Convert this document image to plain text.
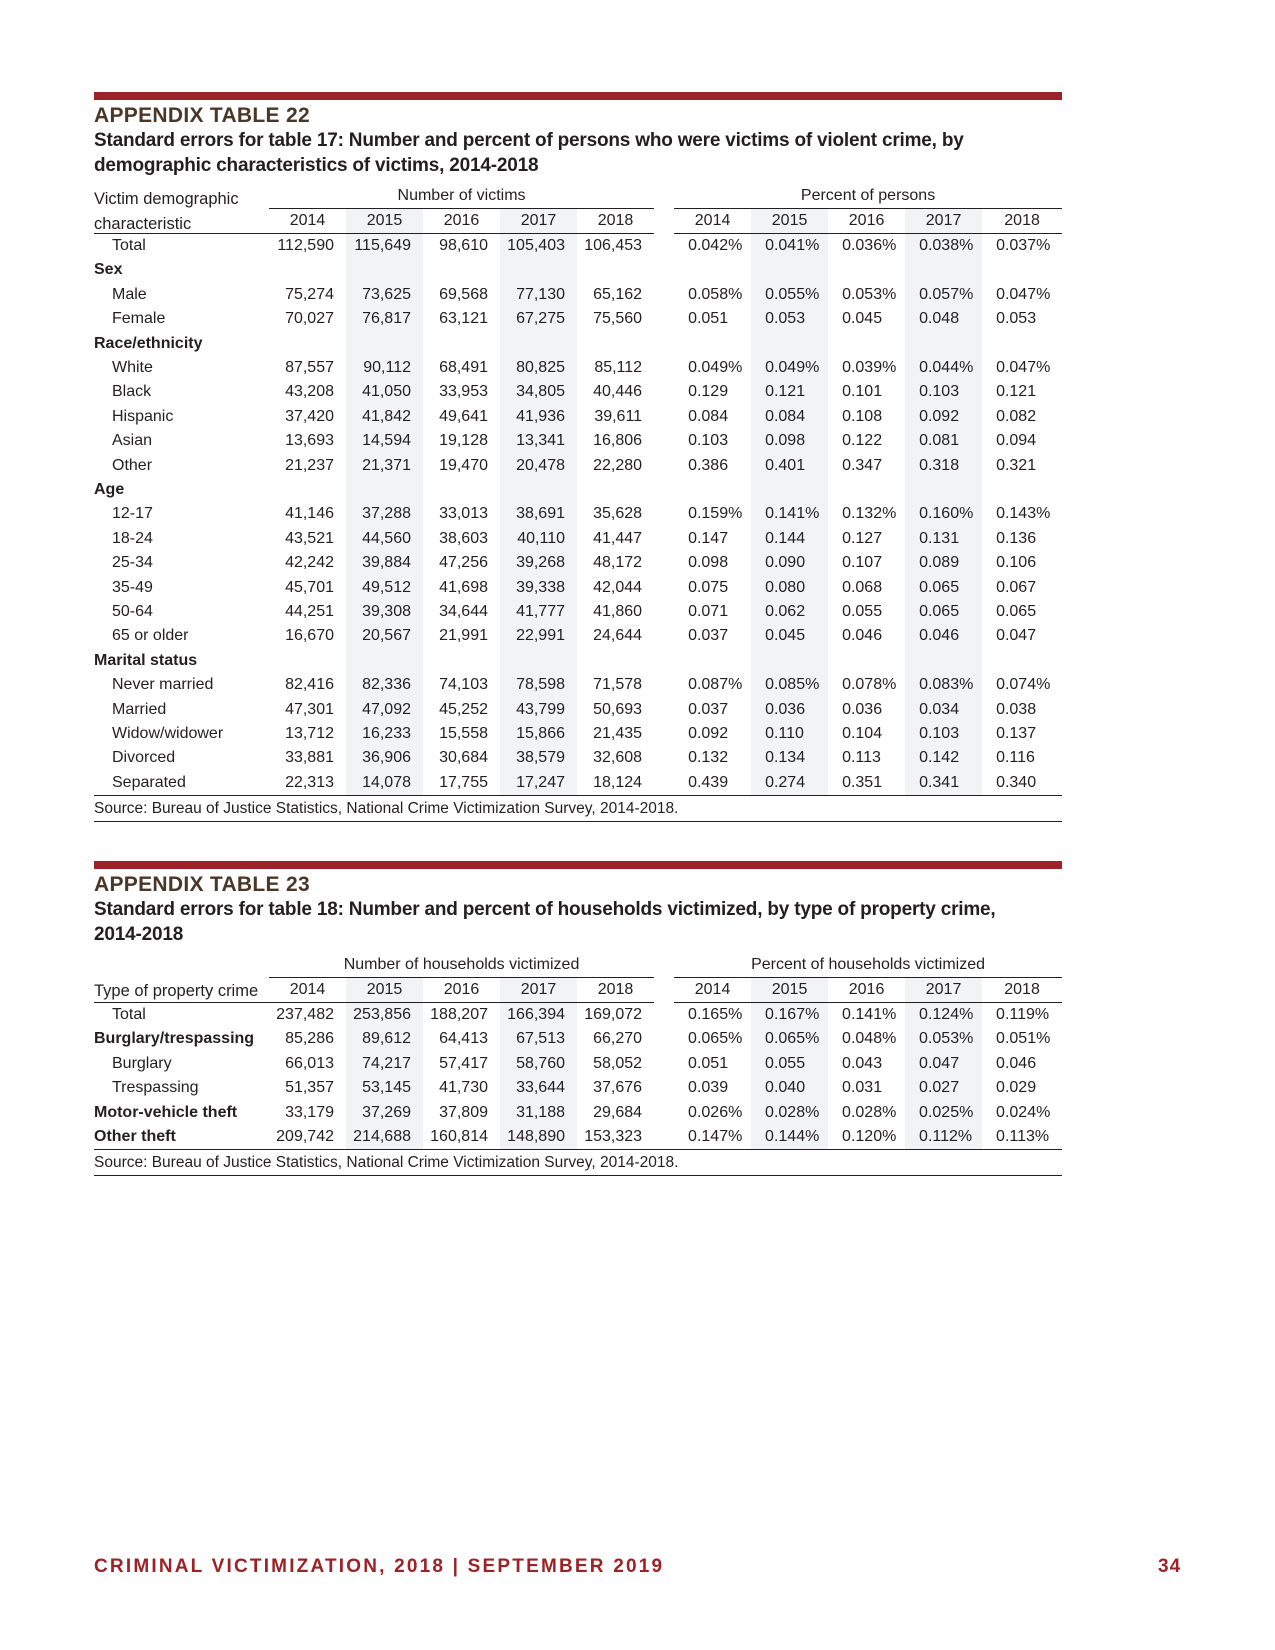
APPENDIX TABLE 22
Standard errors for table 17: Number and percent of persons who were victims of violent crime, by
demographic characteristics of victims, 2014-2018
Victim demographic	Number of victims						Percent of persons				
characteristic	2014	2015	2016	2017	2018		2014	2015	2016	2017	2018
Total	112,590	115,649	98,610	105,403	106,453		0.042%	0.041%	0.036%	0.038%	0.037%
Sex											
Male	75,274	73,625	69,568	77,130	65,162		0.058%	0.055%	0.053%	0.057%	0.047%
Female	70,027	76,817	63,121	67,275	75,560		0.051	0.053	0.045	0.048	0.053
Race/ethnicity											
White	87,557	90,112	68,491	80,825	85,112		0.049%	0.049%	0.039%	0.044%	0.047%
Black	43,208	41,050	33,953	34,805	40,446		0.129	0.121	0.101	0.103	0.121
Hispanic	37,420	41,842	49,641	41,936	39,611		0.084	0.084	0.108	0.092	0.082
Asian	13,693	14,594	19,128	13,341	16,806		0.103	0.098	0.122	0.081	0.094
Other	21,237	21,371	19,470	20,478	22,280		0.386	0.401	0.347	0.318	0.321
Age											
12-17	41,146	37,288	33,013	38,691	35,628		0.159%	0.141%	0.132%	0.160%	0.143%
18-24	43,521	44,560	38,603	40,110	41,447		0.147	0.144	0.127	0.131	0.136
25-34	42,242	39,884	47,256	39,268	48,172		0.098	0.090	0.107	0.089	0.106
35-49	45,701	49,512	41,698	39,338	42,044		0.075	0.080	0.068	0.065	0.067
50-64	44,251	39,308	34,644	41,777	41,860		0.071	0.062	0.055	0.065	0.065
65 or older	16,670	20,567	21,991	22,991	24,644		0.037	0.045	0.046	0.046	0.047
Marital status											
Never married	82,416	82,336	74,103	78,598	71,578		0.087%	0.085%	0.078%	0.083%	0.074%
Married	47,301	47,092	45,252	43,799	50,693		0.037	0.036	0.036	0.034	0.038
Widow/widower	13,712	16,233	15,558	15,866	21,435		0.092	0.110	0.104	0.103	0.137
Divorced	33,881	36,906	30,684	38,579	32,608		0.132	0.134	0.113	0.142	0.116
Separated	22,313	14,078	17,755	17,247	18,124		0.439	0.274	0.351	0.341	0.340
Source: Bureau of Justice Statistics, National Crime Victimization Survey, 2014-2018.
APPENDIX TABLE 23
Standard errors for table 18: Number and percent of households victimized, by type of property crime,
2014-2018
	Number of households victimized						Percent of households victimized				
Type of property crime	2014	2015	2016	2017	2018		2014	2015	2016	2017	2018
Total	237,482	253,856	188,207	166,394	169,072		0.165%	0.167%	0.141%	0.124%	0.119%
Burglary/trespassing	85,286	89,612	64,413	67,513	66,270		0.065%	0.065%	0.048%	0.053%	0.051%
Burglary	66,013	74,217	57,417	58,760	58,052		0.051	0.055	0.043	0.047	0.046
Trespassing	51,357	53,145	41,730	33,644	37,676		0.039	0.040	0.031	0.027	0.029
Motor-vehicle theft	33,179	37,269	37,809	31,188	29,684		0.026%	0.028%	0.028%	0.025%	0.024%
Other theft	209,742	214,688	160,814	148,890	153,323		0.147%	0.144%	0.120%	0.112%	0.113%
Source: Bureau of Justice Statistics, National Crime Victimization Survey, 2014-2018.
CRIMINAL VICTIMIZATION, 2018 | SEPTEMBER 2019	34
